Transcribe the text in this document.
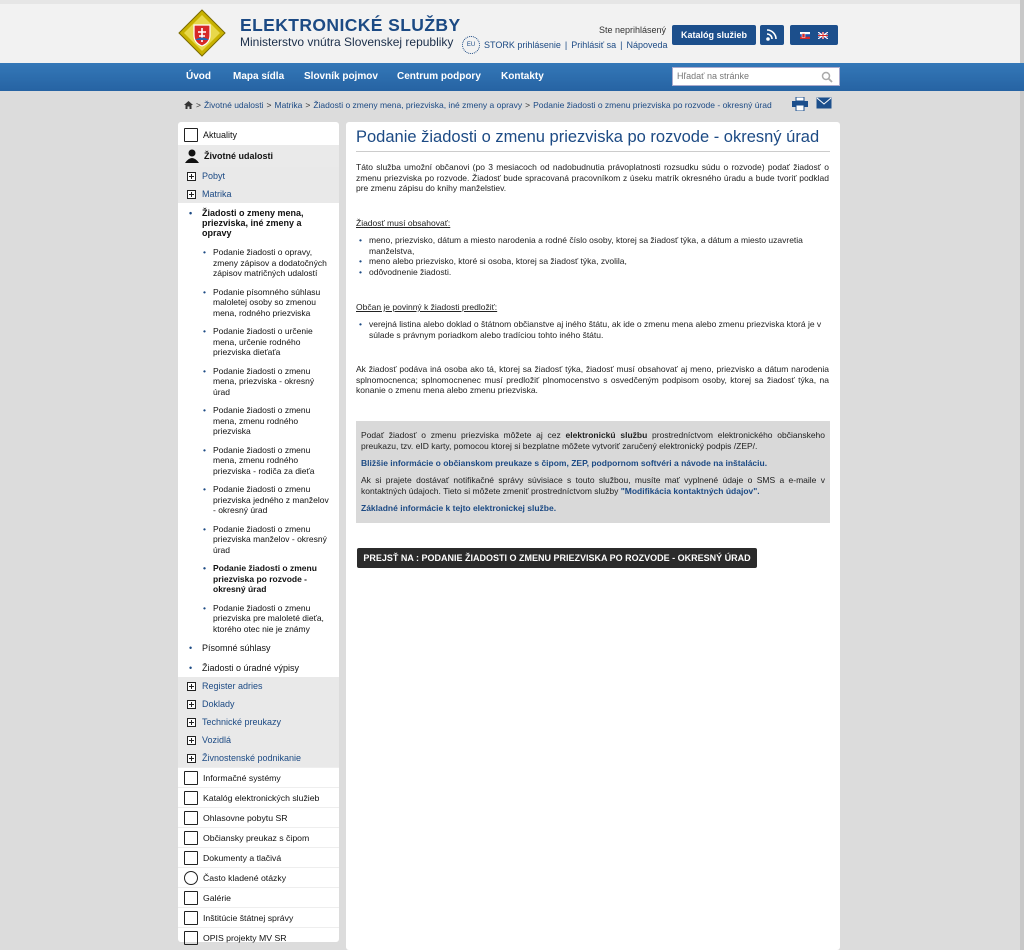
ELEKTRONICKÉ SLUŽBY
Ministerstvo vnútra Slovenskej republiky
Ste neprihlásený
EU STORK prihlásenie | Prihlásiť sa | Nápoveda
Katalóg služieb
Úvod Mapa sídla Slovník pojmov Centrum podpory Kontakty	Hľadať na stránke
> Životné udalosti > Matrika > Žiadosti o zmeny mena, priezviska, iné zmeny a opravy > Podanie žiadosti o zmenu priezviska po rozvode - okresný úrad
Aktuality
Životné udalosti
Pobyt
Matrika
• Žiadosti o zmeny mena, priezviska, iné zmeny a opravy
• Podanie žiadosti o opravy, zmeny zápisov a dodatočných zápisov matričných udalostí
• Podanie písomného súhlasu maloletej osoby so zmenou mena, rodného priezviska
• Podanie žiadosti o určenie mena, určenie rodného priezviska dieťaťa
• Podanie žiadosti o zmenu mena, priezviska - okresný úrad
• Podanie žiadosti o zmenu mena, zmenu rodného priezviska
• Podanie žiadosti o zmenu mena, zmenu rodného priezviska - rodiča za dieťa
• Podanie žiadosti o zmenu priezviska jedného z manželov - okresný úrad
• Podanie žiadosti o zmenu priezviska manželov - okresný úrad
• Podanie žiadosti o zmenu priezviska po rozvode - okresný úrad
• Podanie žiadosti o zmenu priezviska pre maloleté dieťa, ktorého otec nie je známy
• Písomné súhlasy
• Žiadosti o úradné výpisy
Register adries
Doklady
Technické preukazy
Vozidlá
Živnostenské podnikanie
Informačné systémy
Katalóg elektronických služieb
Ohlasovne pobytu SR
Občiansky preukaz s čipom
Dokumenty a tlačivá
Často kladené otázky
Galérie
Inštitúcie štátnej správy
OPIS projekty MV SR
Podanie žiadosti o zmenu priezviska po rozvode - okresný úrad
Táto služba umožní občanovi (po 3 mesiacoch od nadobudnutia právoplatnosti rozsudku súdu o rozvode) podať žiadosť o zmenu priezviska po rozvode. Žiadosť bude spracovaná pracovníkom z úseku matrík okresného úradu a bude tvoriť podklad pre zmenu zápisu do knihy manželstiev.
Žiadosť musí obsahovať:
• meno, priezvisko, dátum a miesto narodenia a rodné číslo osoby, ktorej sa žiadosť týka, a dátum a miesto uzavretia manželstva,
• meno alebo priezvisko, ktoré si osoba, ktorej sa žiadosť týka, zvolila,
• odôvodnenie žiadosti.
Občan je povinný k žiadosti predložiť:
• verejná listina alebo doklad o štátnom občianstve aj iného štátu, ak ide o zmenu mena alebo zmenu priezviska ktorá je v súlade s právnym poriadkom alebo tradíciou tohto iného štátu.
Ak žiadosť podáva iná osoba ako tá, ktorej sa žiadosť týka, žiadosť musí obsahovať aj meno, priezvisko a dátum narodenia splnomocnenca; splnomocnenec musí predložiť plnomocenstvo s osvedčeným podpisom osoby, ktorej sa žiadosť týka, na konanie o zmenu mena alebo zmenu priezviska.
Podať žiadosť o zmenu priezviska môžete aj cez elektronickú službu prostredníctvom elektronického občianskeho preukazu, tzv. eID karty, pomocou ktorej si bezplatne môžete vytvoriť zaručený elektronický podpis /ZEP/.
Bližšie informácie o občianskom preukaze s čipom, ZEP, podpornom softvéri a návode na inštaláciu.
Ak si prajete dostávať notifikačné správy súvisiace s touto službou, musíte mať vyplnené údaje o SMS a e-maile v kontaktných údajoch. Tieto si môžete zmeniť prostredníctvom služby "Modifikácia kontaktných údajov".
Základné informácie k tejto elektronickej službe.
PREJSŤ NA : PODANIE ŽIADOSTI O ZMENU PRIEZVISKA PO ROZVODE - OKRESNÝ ÚRAD
